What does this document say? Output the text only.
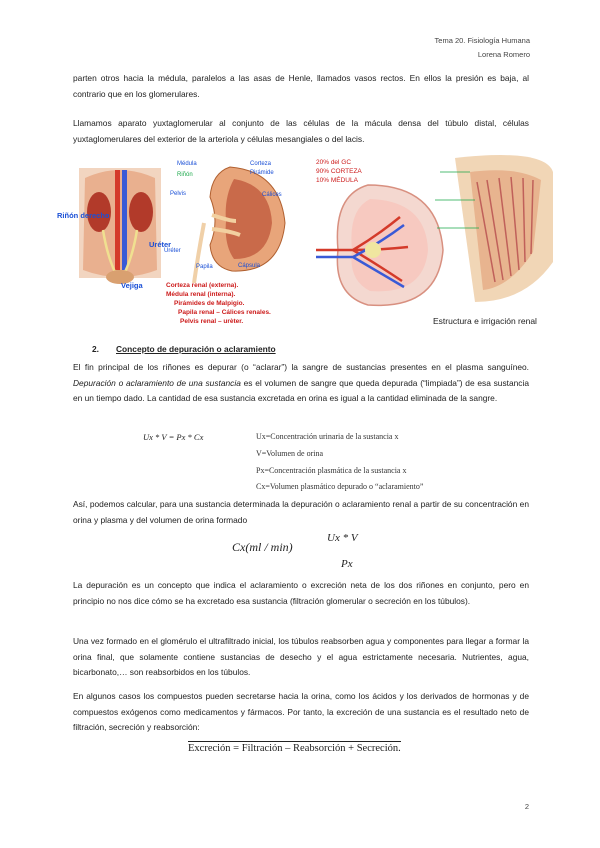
Tema 20. Fisiología Humana
Lorena Romero

parten otros hacia la médula, paralelos a las asas de Henle, llamados vasos rectos. En ellos la presión es baja, al contrario que en los glomerulares.

Llamamos aparato yuxtaglomerular al conjunto de las células de la mácula densa del túbulo distal, células yuxtaglomerulares del exterior de la arteriola y células mesangiales o del lacis.

Riñón derecho
Uréter
Vejiga
Médula
Riñón
Pelvis
Uréter
Papila	Cápsula
Corteza
Pirámide
Cálices
Corteza renal (externa).
Médula renal (interna).
Pirámides de Malpigio.
Papila renal – Cálices renales.
Pelvis renal – urèter.
20% del GC
90% CORTEZA
10% MÉDULA
Estructura e irrigación renal
2. Concepto de depuración o aclaramiento

El fin principal de los riñones es depurar (o “aclarar”) la sangre de sustancias presentes en el plasma sanguíneo. Depuración o aclaramiento de una sustancia es el volumen de sangre que queda depurada (“limpiada”) de esa sustancia en un tiempo dado. La cantidad de esa sustancia excretada en orina es igual a la cantidad eliminada de la sangre.

Ux * V = Px * Cx	Ux=Concentración urinaria de la sustancia x
V=Volumen de orina
Px=Concentración plasmática de la sustancia x
Cx=Volumen plasmático depurado o “aclaramiento”

Así, podemos calcular, para una sustancia determinada la depuración o aclaramiento renal a partir de su concentración en orina y plasma y del volumen de orina formado

Cx(ml / min)
Ux * V
Px

La depuración es un concepto que indica el aclaramiento o excreción neta de los dos riñones en conjunto, pero en principio no nos dice cómo se ha excretado esa sustancia (filtración glomerular o secreción en los túbulos).

Una vez formado en el glomérulo el ultrafiltrado inicial, los túbulos reabsorben agua y componentes para llegar a formar la orina final, que solamente contiene sustancias de desecho y el agua estrictamente necesaria. Nutrientes, agua, bicarbonato,… son reabsorbidos en los túbulos.

En algunos casos los compuestos pueden secretarse hacia la orina, como los ácidos y los derivados de hormonas y de compuestos exógenos como medicamentos y fármacos. Por tanto, la excreción de una sustancia es el resultado neto de filtración, secreción y reabsorción:

Excreción = Filtración – Reabsorción + Secreción.
2
